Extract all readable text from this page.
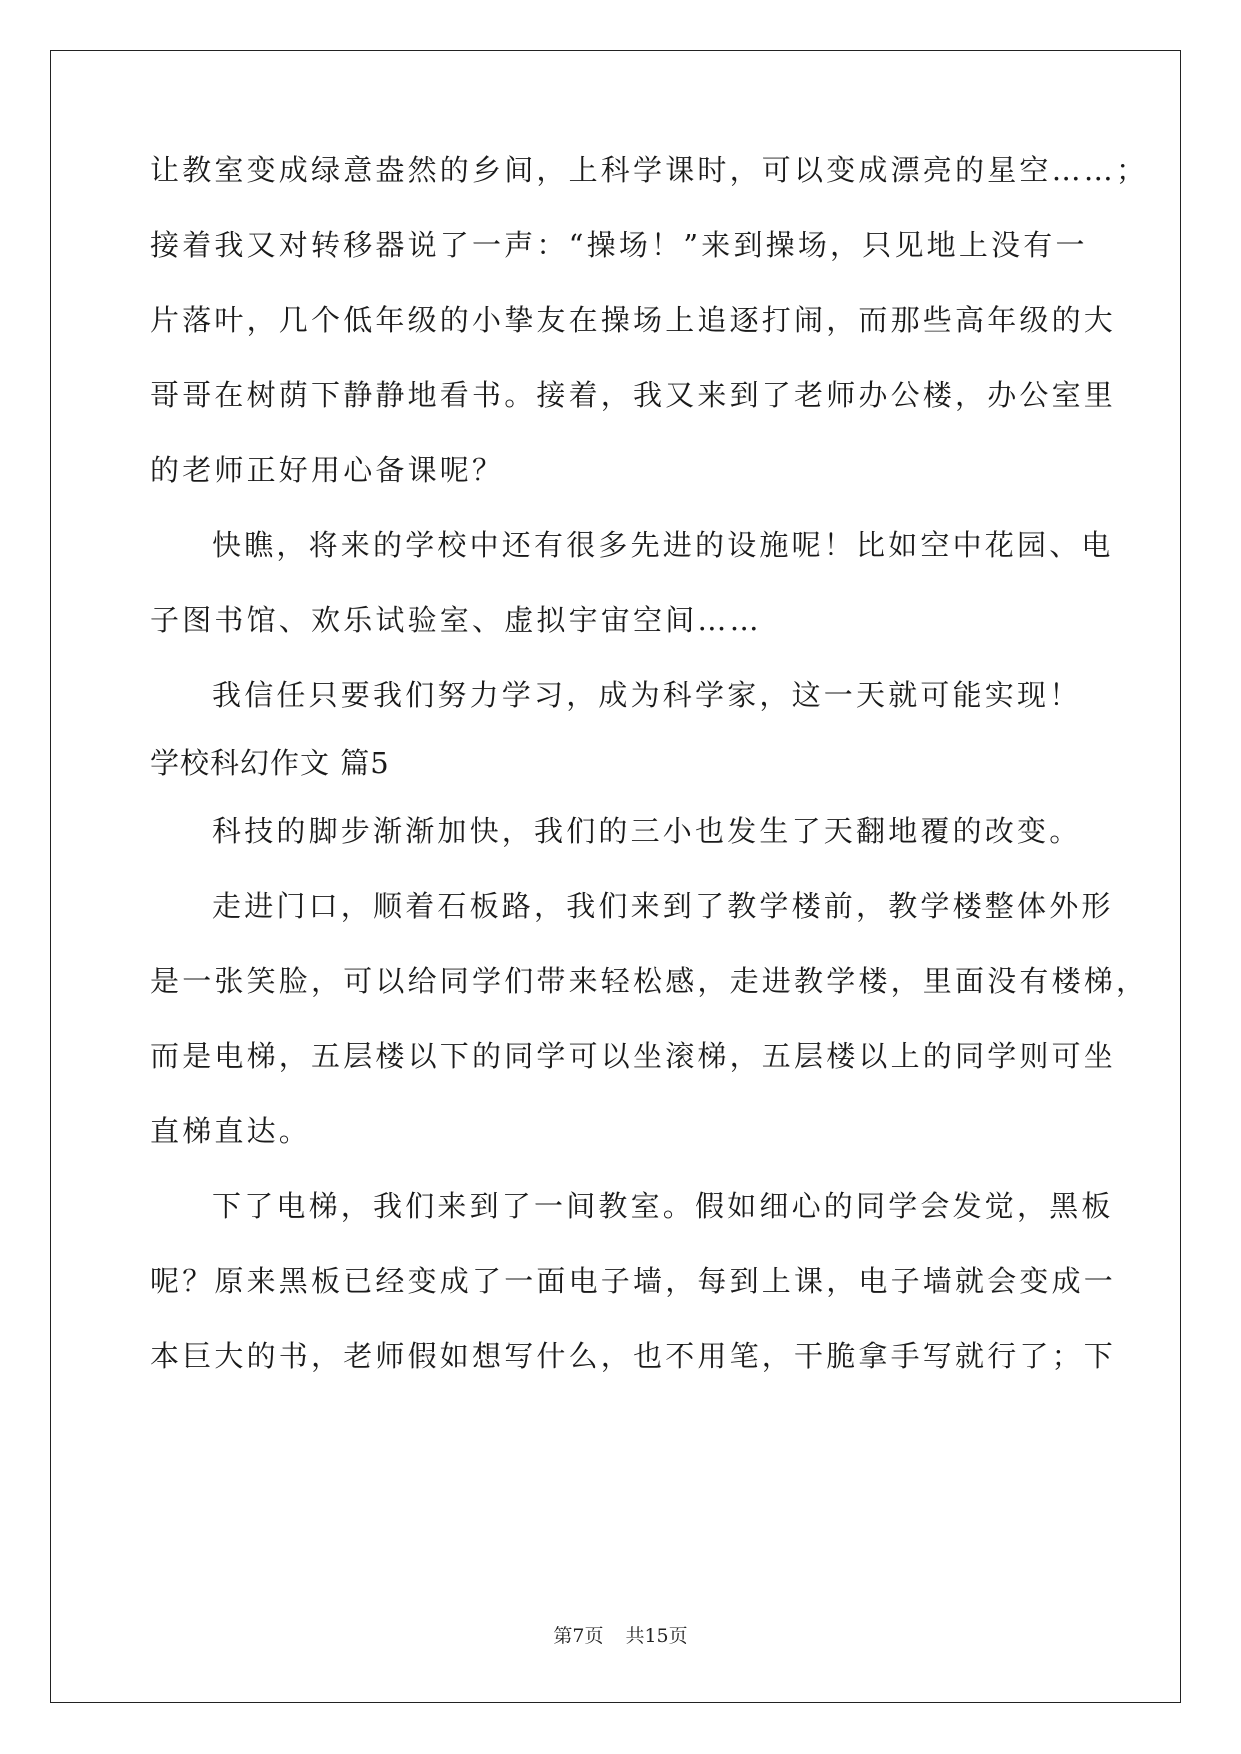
让教室变成绿意盎然的乡间，上科学课时，可以变成漂亮的星空……；
接着我又对转移器说了一声：“操场！”来到操场，只见地上没有一
片落叶，几个低年级的小挚友在操场上追逐打闹，而那些高年级的大
哥哥在树荫下静静地看书。接着，我又来到了老师办公楼，办公室里
的老师正好用心备课呢？
快瞧，将来的学校中还有很多先进的设施呢！比如空中花园、电
子图书馆、欢乐试验室、虚拟宇宙空间……
我信任只要我们努力学习，成为科学家，这一天就可能实现！
学校科幻作文 篇5
科技的脚步渐渐加快，我们的三小也发生了天翻地覆的改变。
走进门口，顺着石板路，我们来到了教学楼前，教学楼整体外形
是一张笑脸，可以给同学们带来轻松感，走进教学楼，里面没有楼梯，
而是电梯，五层楼以下的同学可以坐滚梯，五层楼以上的同学则可坐
直梯直达。
下了电梯，我们来到了一间教室。假如细心的同学会发觉，黑板
呢？原来黑板已经变成了一面电子墙，每到上课，电子墙就会变成一
本巨大的书，老师假如想写什么，也不用笔，干脆拿手写就行了；下
第7页 共15页
